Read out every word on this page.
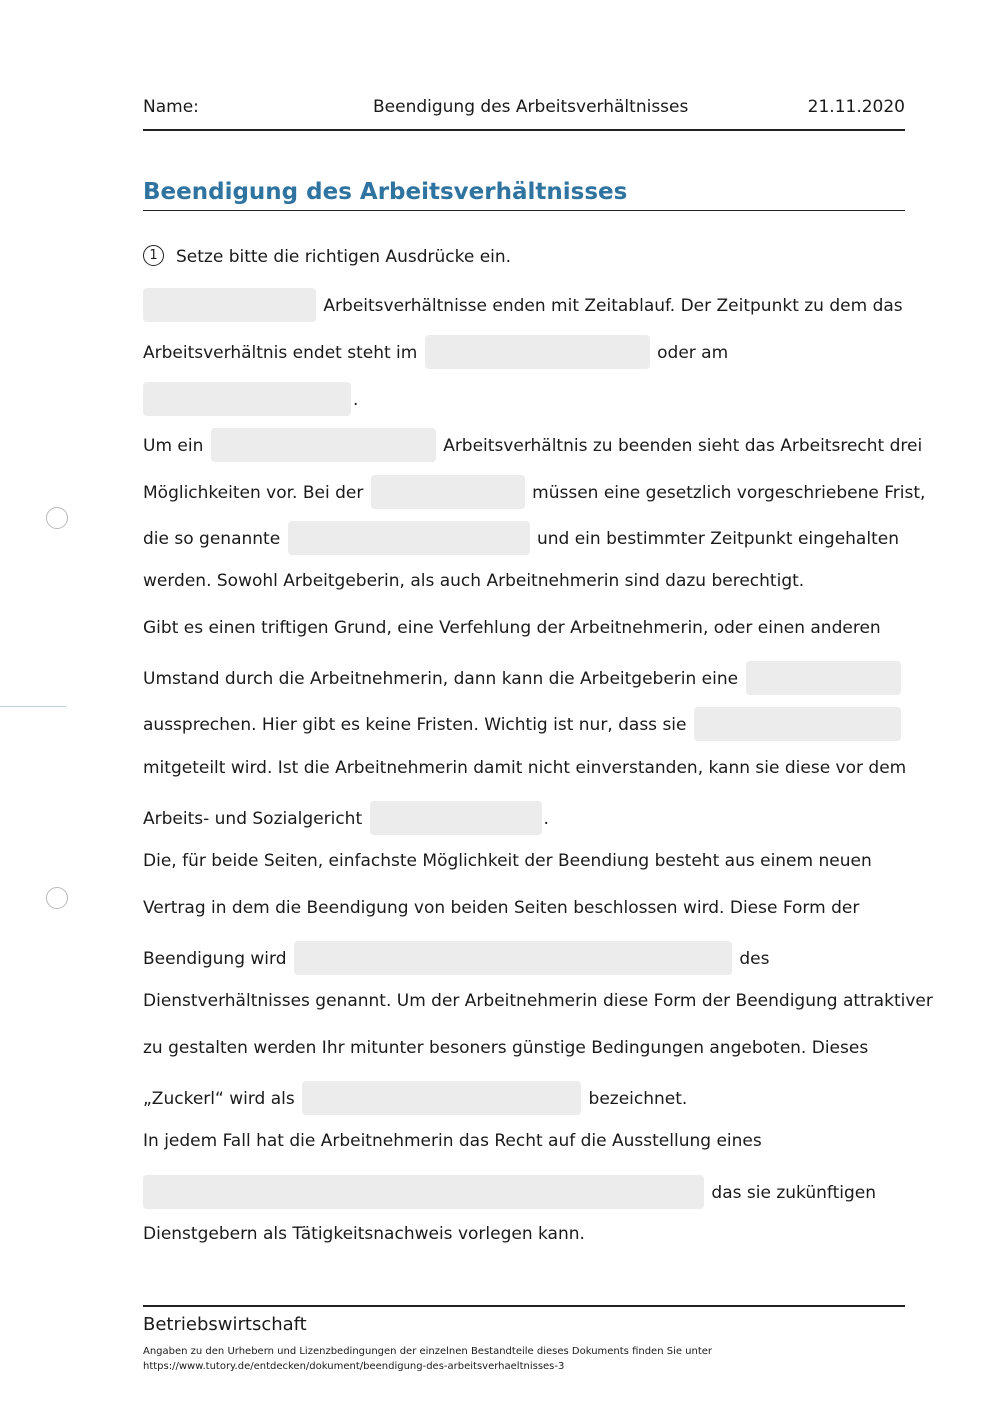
Name:	Beendigung des Arbeitsverhältnisses	21.11.2020
Beendigung des Arbeitsverhältnisses
1 Setze bitte die richtigen Ausdrücke ein.
Arbeitsverhältnisse enden mit Zeitablauf. Der Zeitpunkt zu dem das
Arbeitsverhältnis endet steht im	oder am
.
Um ein	Arbeitsverhältnis zu beenden sieht das Arbeitsrecht drei
Möglichkeiten vor. Bei der	müssen eine gesetzlich vorgeschriebene Frist,
die so genannte	und ein bestimmter Zeitpunkt eingehalten
werden. Sowohl Arbeitgeberin, als auch Arbeitnehmerin sind dazu berechtigt.
Gibt es einen triftigen Grund, eine Verfehlung der Arbeitnehmerin, oder einen anderen
Umstand durch die Arbeitnehmerin, dann kann die Arbeitgeberin eine
aussprechen. Hier gibt es keine Fristen. Wichtig ist nur, dass sie
mitgeteilt wird. Ist die Arbeitnehmerin damit nicht einverstanden, kann sie diese vor dem
Arbeits- und Sozialgericht	.
Die, für beide Seiten, einfachste Möglichkeit der Beendiung besteht aus einem neuen
Vertrag in dem die Beendigung von beiden Seiten beschlossen wird. Diese Form der
Beendigung wird	des
Dienstverhältnisses genannt. Um der Arbeitnehmerin diese Form der Beendigung attraktiver
zu gestalten werden Ihr mitunter besoners günstige Bedingungen angeboten. Dieses
„Zuckerl“ wird als	bezeichnet.
In jedem Fall hat die Arbeitnehmerin das Recht auf die Ausstellung eines
das sie zukünftigen
Dienstgebern als Tätigkeitsnachweis vorlegen kann.
Betriebswirtschaft
Angaben zu den Urhebern und Lizenzbedingungen der einzelnen Bestandteile dieses Dokuments finden Sie unter
https://www.tutory.de/entdecken/dokument/beendigung-des-arbeitsverhaeltnisses-3
